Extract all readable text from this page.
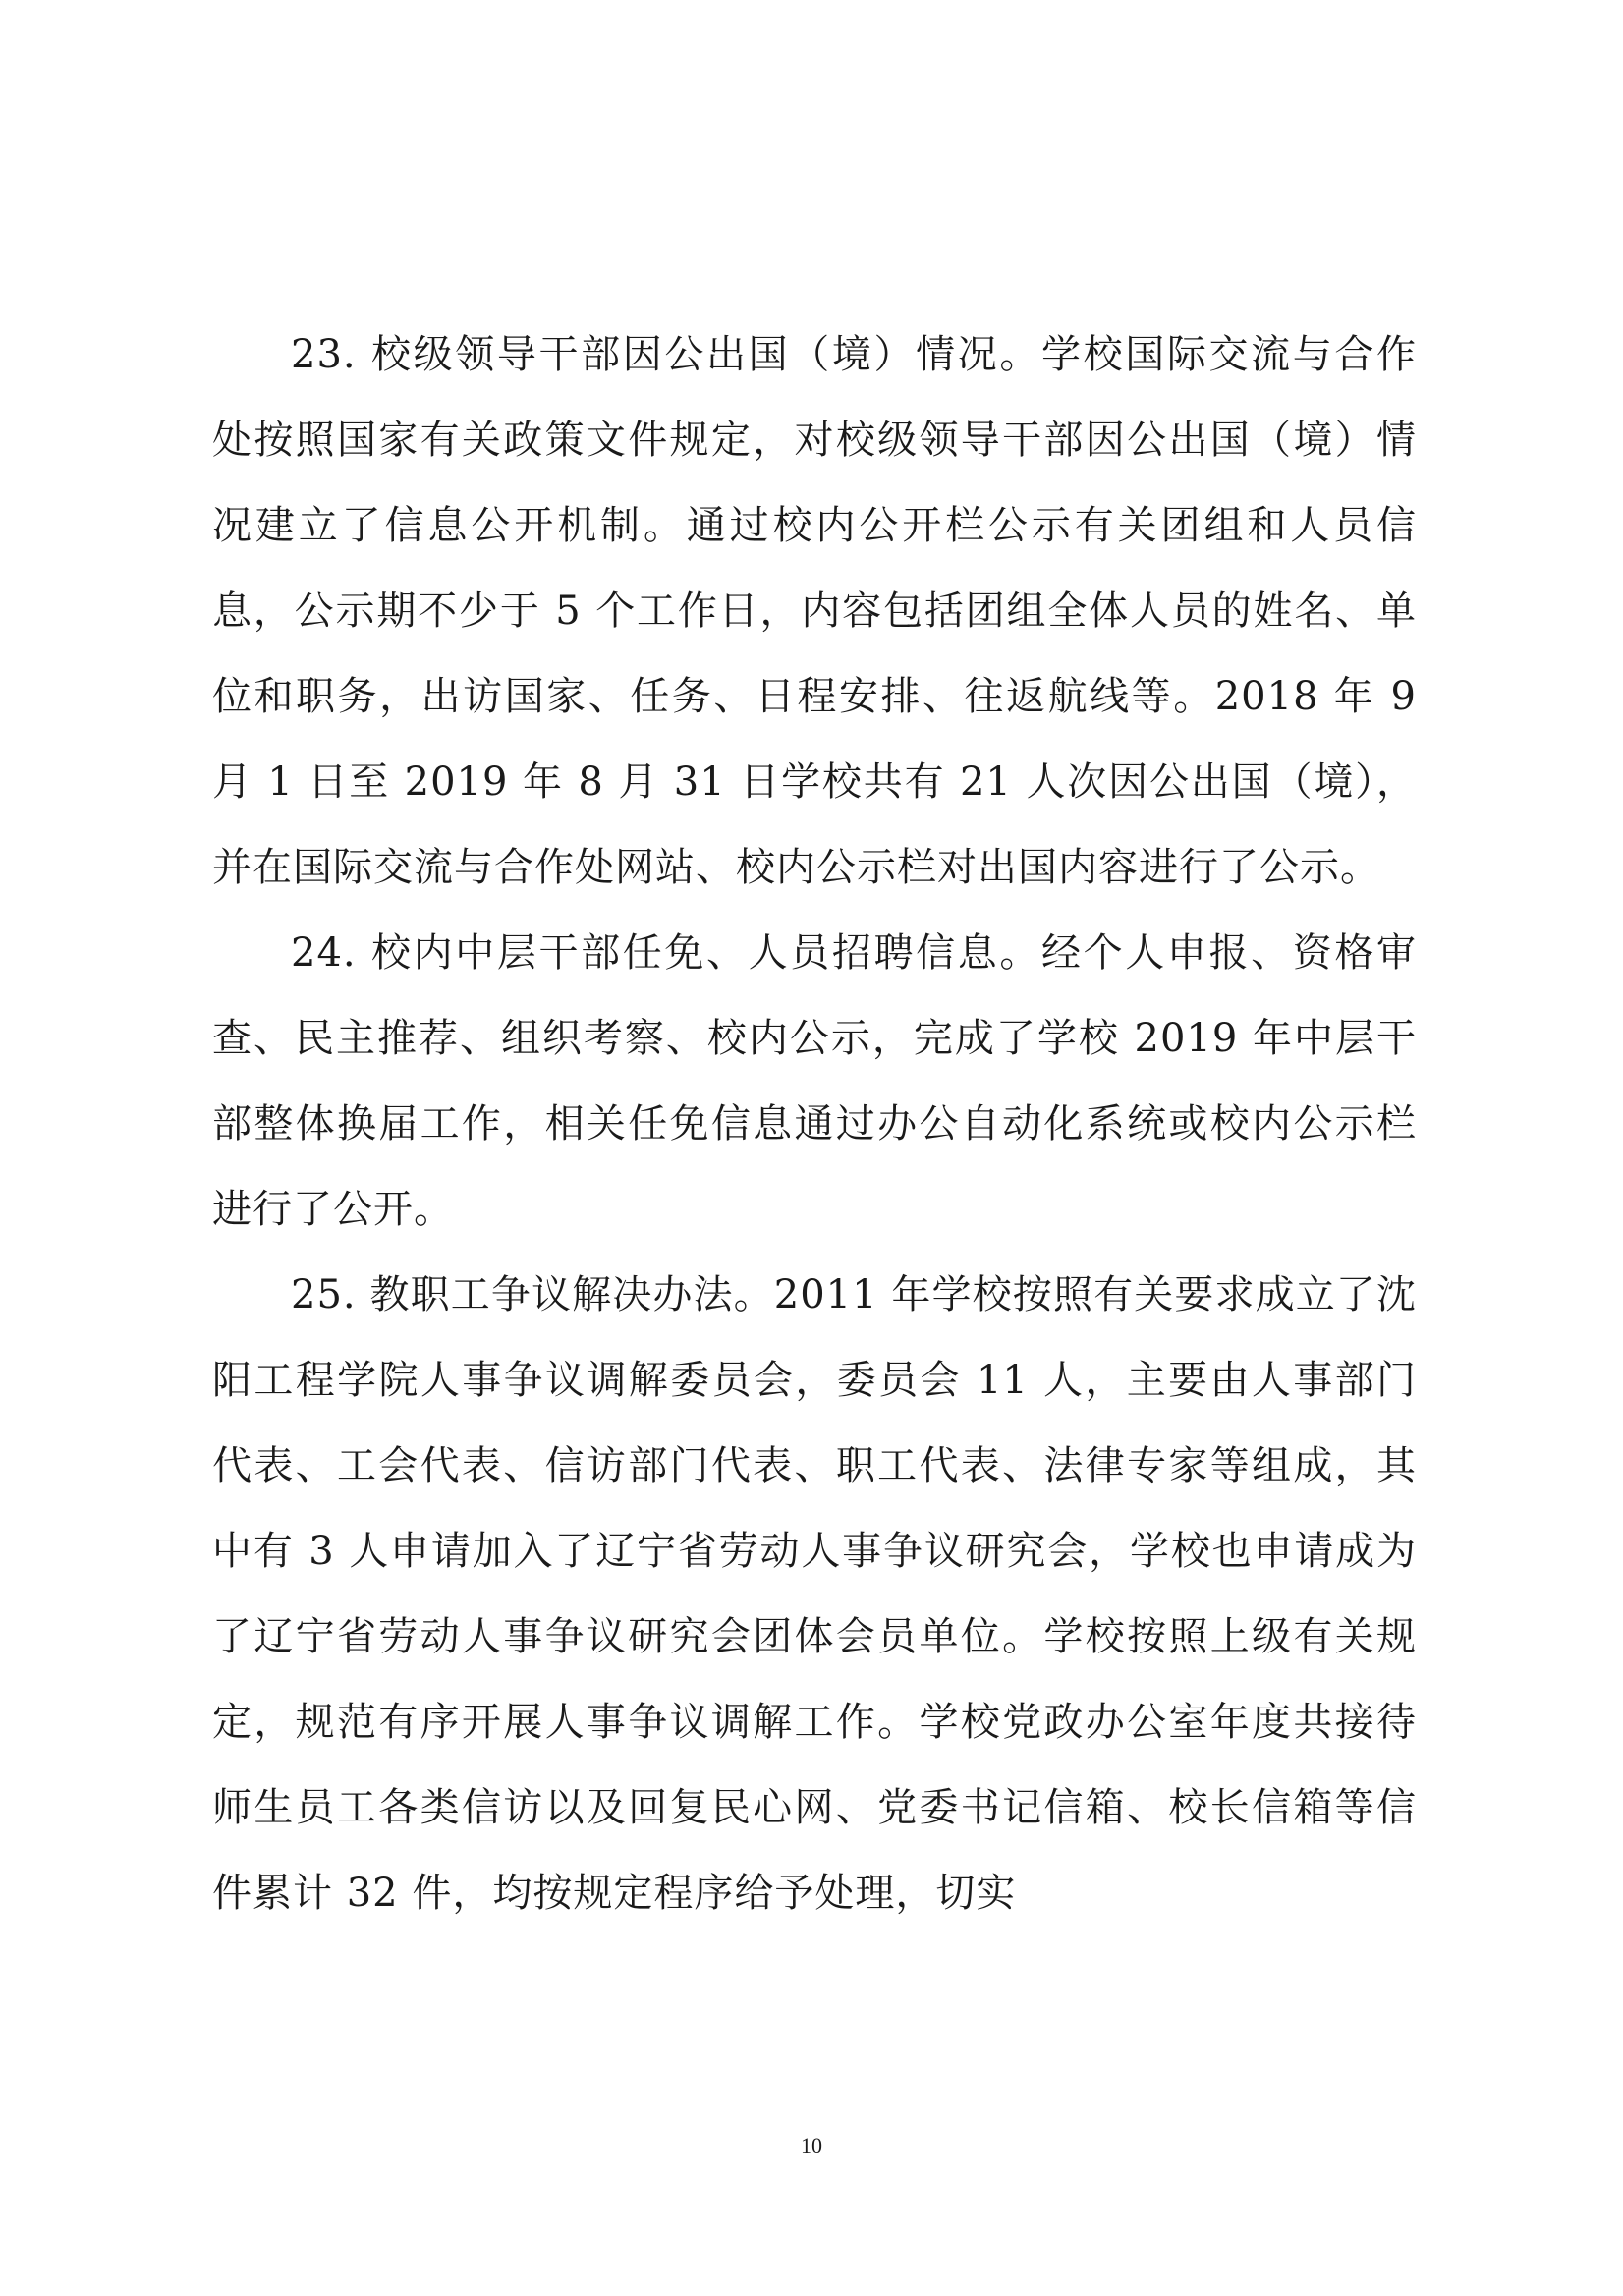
23. 校级领导干部因公出国（境）情况。学校国际交流与合作处按照国家有关政策文件规定，对校级领导干部因公出国（境）情况建立了信息公开机制。通过校内公开栏公示有关团组和人员信息，公示期不少于 5 个工作日，内容包括团组全体人员的姓名、单位和职务，出访国家、任务、日程安排、往返航线等。2018 年 9 月 1 日至 2019 年 8 月 31 日学校共有 21 人次因公出国（境），并在国际交流与合作处网站、校内公示栏对出国内容进行了公示。

24. 校内中层干部任免、人员招聘信息。经个人申报、资格审查、民主推荐、组织考察、校内公示，完成了学校 2019 年中层干部整体换届工作，相关任免信息通过办公自动化系统或校内公示栏进行了公开。

25. 教职工争议解决办法。2011 年学校按照有关要求成立了沈阳工程学院人事争议调解委员会，委员会 11 人，主要由人事部门代表、工会代表、信访部门代表、职工代表、法律专家等组成，其中有 3 人申请加入了辽宁省劳动人事争议研究会，学校也申请成为了辽宁省劳动人事争议研究会团体会员单位。学校按照上级有关规定，规范有序开展人事争议调解工作。学校党政办公室年度共接待师生员工各类信访以及回复民心网、党委书记信箱、校长信箱等信件累计 32 件，均按规定程序给予处理，切实

10
